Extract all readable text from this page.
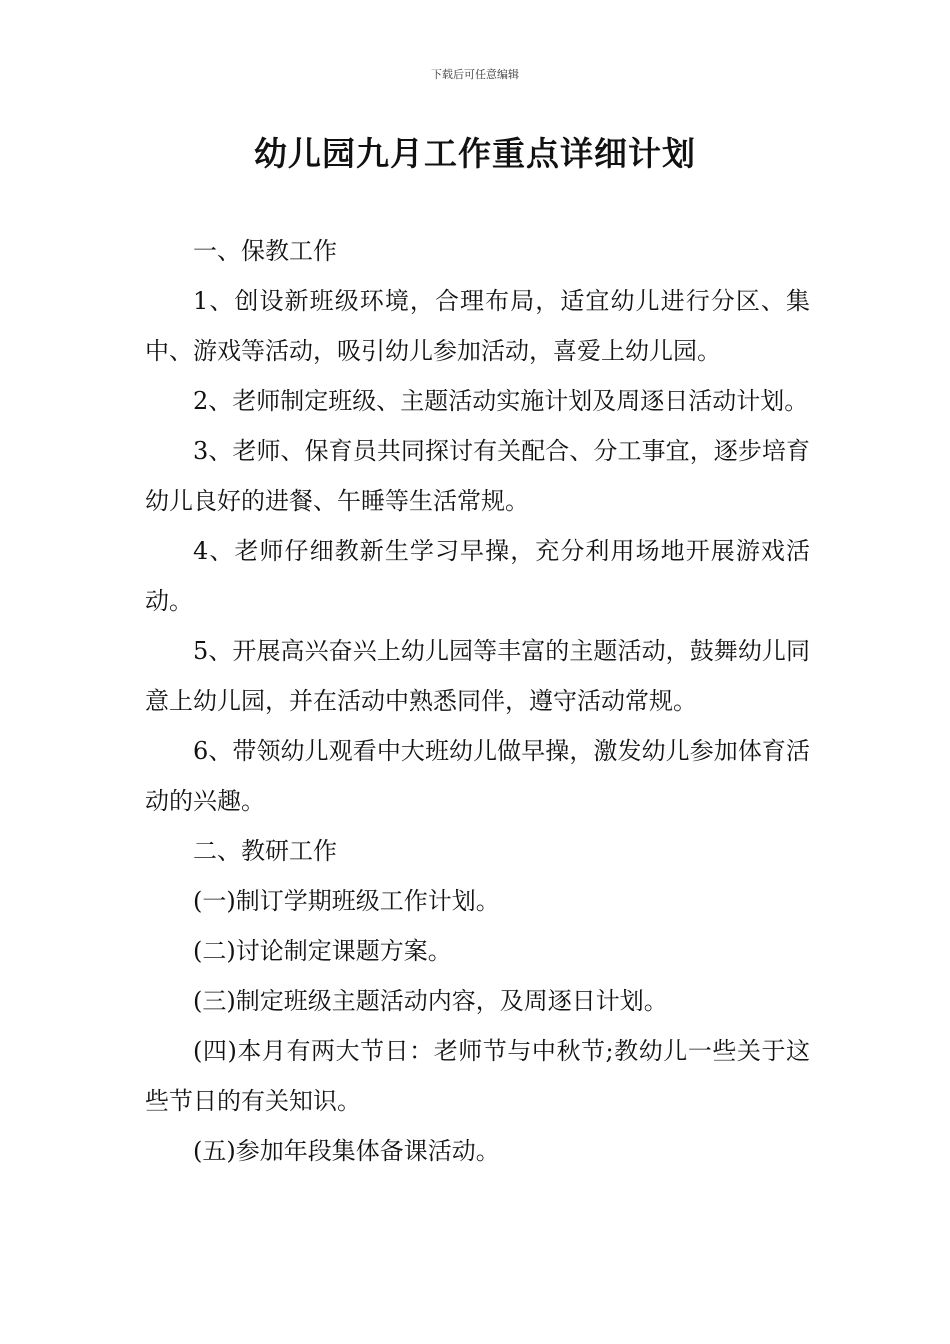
下载后可任意编辑
幼儿园九月工作重点详细计划

一、保教工作

1、创设新班级环境，合理布局，适宜幼儿进行分区、集中、游戏等活动，吸引幼儿参加活动，喜爱上幼儿园。

2、老师制定班级、主题活动实施计划及周逐日活动计划。

3、老师、保育员共同探讨有关配合、分工事宜，逐步培育幼儿良好的进餐、午睡等生活常规。

4、老师仔细教新生学习早操，充分利用场地开展游戏活动。

5、开展高兴奋兴上幼儿园等丰富的主题活动，鼓舞幼儿同意上幼儿园，并在活动中熟悉同伴，遵守活动常规。

6、带领幼儿观看中大班幼儿做早操，激发幼儿参加体育活动的兴趣。

二、教研工作

(一)制订学期班级工作计划。

(二)讨论制定课题方案。

(三)制定班级主题活动内容，及周逐日计划。

(四)本月有两大节日：老师节与中秋节;教幼儿一些关于这些节日的有关知识。

(五)参加年段集体备课活动。
